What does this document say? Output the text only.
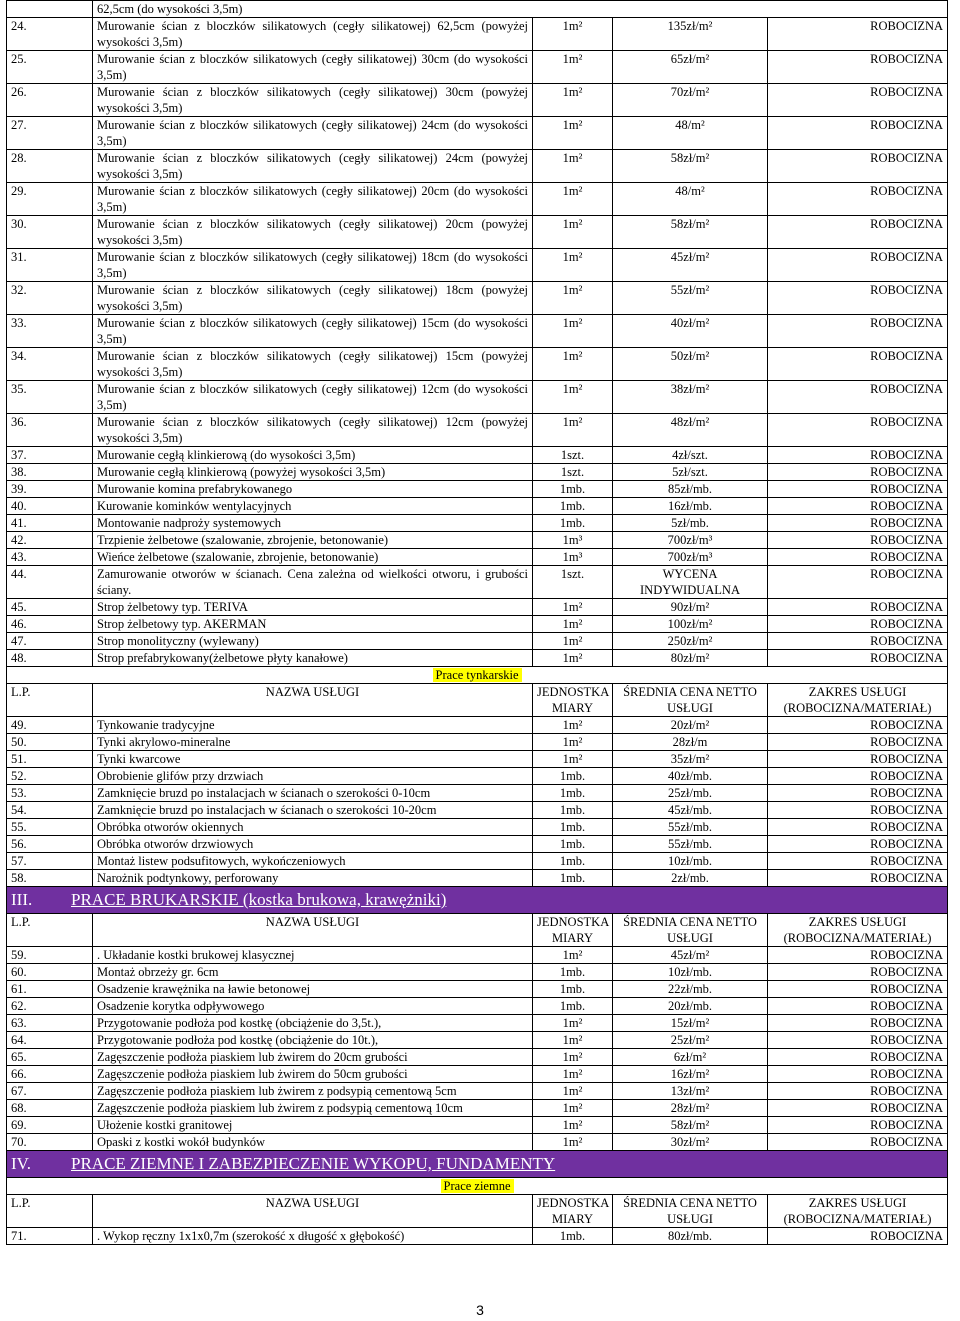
	62,5cm (do wysokości 3,5m)			
24.	Murowanie ścian z bloczków silikatowych (cegły silikatowej) 62,5cm (powyżej wysokości 3,5m)	1m²	135zł/m²	ROBOCIZNA
25.	Murowanie ścian z bloczków silikatowych (cegły silikatowej) 30cm (do wysokości 3,5m)	1m²	65zł/m²	ROBOCIZNA
26.	Murowanie ścian z bloczków silikatowych (cegły silikatowej) 30cm (powyżej wysokości 3,5m)	1m²	70zł/m²	ROBOCIZNA
27.	Murowanie ścian z bloczków silikatowych (cegły silikatowej) 24cm (do wysokości 3,5m)	1m²	48/m²	ROBOCIZNA
28.	Murowanie ścian z bloczków silikatowych (cegły silikatowej) 24cm (powyżej wysokości 3,5m)	1m²	58zł/m²	ROBOCIZNA
29.	Murowanie ścian z bloczków silikatowych (cegły silikatowej) 20cm (do wysokości 3,5m)	1m²	48/m²	ROBOCIZNA
30.	Murowanie ścian z bloczków silikatowych (cegły silikatowej) 20cm (powyżej wysokości 3,5m)	1m²	58zł/m²	ROBOCIZNA
31.	Murowanie ścian z bloczków silikatowych (cegły silikatowej) 18cm (do wysokości 3,5m)	1m²	45zł/m²	ROBOCIZNA
32.	Murowanie ścian z bloczków silikatowych (cegły silikatowej) 18cm (powyżej wysokości 3,5m)	1m²	55zł/m²	ROBOCIZNA
33.	Murowanie ścian z bloczków silikatowych (cegły silikatowej) 15cm (do wysokości 3,5m)	1m²	40zł/m²	ROBOCIZNA
34.	Murowanie ścian z bloczków silikatowych (cegły silikatowej) 15cm (powyżej wysokości 3,5m)	1m²	50zł/m²	ROBOCIZNA
35.	Murowanie ścian z bloczków silikatowych (cegły silikatowej) 12cm (do wysokości 3,5m)	1m²	38zł/m²	ROBOCIZNA
36.	Murowanie ścian z bloczków silikatowych (cegły silikatowej) 12cm (powyżej wysokości 3,5m)	1m²	48zł/m²	ROBOCIZNA
37.	Murowanie cegłą klinkierową (do wysokości 3,5m)	1szt.	4zł/szt.	ROBOCIZNA
38.	Murowanie cegłą klinkierową (powyżej wysokości 3,5m)	1szt.	5zł/szt.	ROBOCIZNA
39.	Murowanie komina prefabrykowanego	1mb.	85zł/mb.	ROBOCIZNA
40.	Kurowanie kominków wentylacyjnych	1mb.	16zł/mb.	ROBOCIZNA
41.	Montowanie nadproży systemowych	1mb.	5zł/mb.	ROBOCIZNA
42.	Trzpienie żelbetowe (szalowanie, zbrojenie, betonowanie)	1m³	700zł/m³	ROBOCIZNA
43.	Wieńce żelbetowe (szalowanie, zbrojenie, betonowanie)	1m³	700zł/m³	ROBOCIZNA
44.	Zamurowanie otworów w ścianach. Cena zależna od wielkości otworu, i grubości ściany.	1szt.	WYCENA INDYWIDUALNA	ROBOCIZNA
45.	Strop żelbetowy typ. TERIVA	1m²	90zł/m²	ROBOCIZNA
46.	Strop żelbetowy typ. AKERMAN	1m²	100zł/m²	ROBOCIZNA
47.	Strop monolityczny (wylewany)	1m²	250zł/m²	ROBOCIZNA
48.	Strop prefabrykowany(żelbetowe płyty kanałowe)	1m²	80zł/m²	ROBOCIZNA
Prace tynkarskie				
L.P.	NAZWA USŁUGI	JEDNOSTKA MIARY	ŚREDNIA CENA NETTO USŁUGI	ZAKRES USŁUGI (ROBOCIZNA/MATERIAŁ)
49.	Tynkowanie tradycyjne	1m²	20zł/m²	ROBOCIZNA
50.	Tynki akrylowo-mineralne	1m²	28zł/m	ROBOCIZNA
51.	Tynki kwarcowe	1m²	35zł/m²	ROBOCIZNA
52.	Obrobienie glifów przy drzwiach	1mb.	40zł/mb.	ROBOCIZNA
53.	Zamknięcie bruzd po instalacjach w ścianach o szerokości 0-10cm	1mb.	25zł/mb.	ROBOCIZNA
54.	Zamknięcie bruzd po instalacjach w ścianach o szerokości 10-20cm	1mb.	45zł/mb.	ROBOCIZNA
55.	Obróbka otworów okiennych	1mb.	55zł/mb.	ROBOCIZNA
56.	Obróbka otworów drzwiowych	1mb.	55zł/mb.	ROBOCIZNA
57.	Montaż listew podsufitowych, wykończeniowych	1mb.	10zł/mb.	ROBOCIZNA
58.	Narożnik podtynkowy, perforowany	1mb.	2zł/mb.	ROBOCIZNA
III. PRACE BRUKARSKIE (kostka brukowa, krawężniki)				
L.P.	NAZWA USŁUGI	JEDNOSTKA MIARY	ŚREDNIA CENA NETTO USŁUGI	ZAKRES USŁUGI (ROBOCIZNA/MATERIAŁ)
59.	. Układanie kostki brukowej klasycznej	1m²	45zł/m²	ROBOCIZNA
60.	Montaż obrzeży gr. 6cm	1mb.	10zł/mb.	ROBOCIZNA
61.	Osadzenie krawężnika na ławie betonowej	1mb.	22zł/mb.	ROBOCIZNA
62.	Osadzenie korytka odpływowego	1mb.	20zł/mb.	ROBOCIZNA
63.	Przygotowanie podłoża pod kostkę (obciążenie do 3,5t.),	1m²	15zł/m²	ROBOCIZNA
64.	Przygotowanie podłoża pod kostkę (obciążenie do 10t.),	1m²	25zł/m²	ROBOCIZNA
65.	Zagęszczenie podłoża piaskiem lub żwirem do 20cm grubości	1m²	6zł/m²	ROBOCIZNA
66.	Zagęszczenie podłoża piaskiem lub żwirem do 50cm grubości	1m²	16zł/m²	ROBOCIZNA
67.	Zagęszczenie podłoża piaskiem lub żwirem z podsypią cementową 5cm	1m²	13zł/m²	ROBOCIZNA
68.	Zagęszczenie podłoża piaskiem lub żwirem z podsypią cementową 10cm	1m²	28zł/m²	ROBOCIZNA
69.	Ułożenie kostki granitowej	1m²	58zł/m²	ROBOCIZNA
70.	Opaski z kostki wokół budynków	1m²	30zł/m²	ROBOCIZNA
IV. PRACE ZIEMNE I ZABEZPIECZENIE WYKOPU, FUNDAMENTY				
Prace ziemne				
L.P.	NAZWA USŁUGI	JEDNOSTKA MIARY	ŚREDNIA CENA NETTO USŁUGI	ZAKRES USŁUGI (ROBOCIZNA/MATERIAŁ)
71.	. Wykop ręczny 1x1x0,7m (szerokość x długość x głębokość)	1mb.	80zł/mb.	ROBOCIZNA
3
